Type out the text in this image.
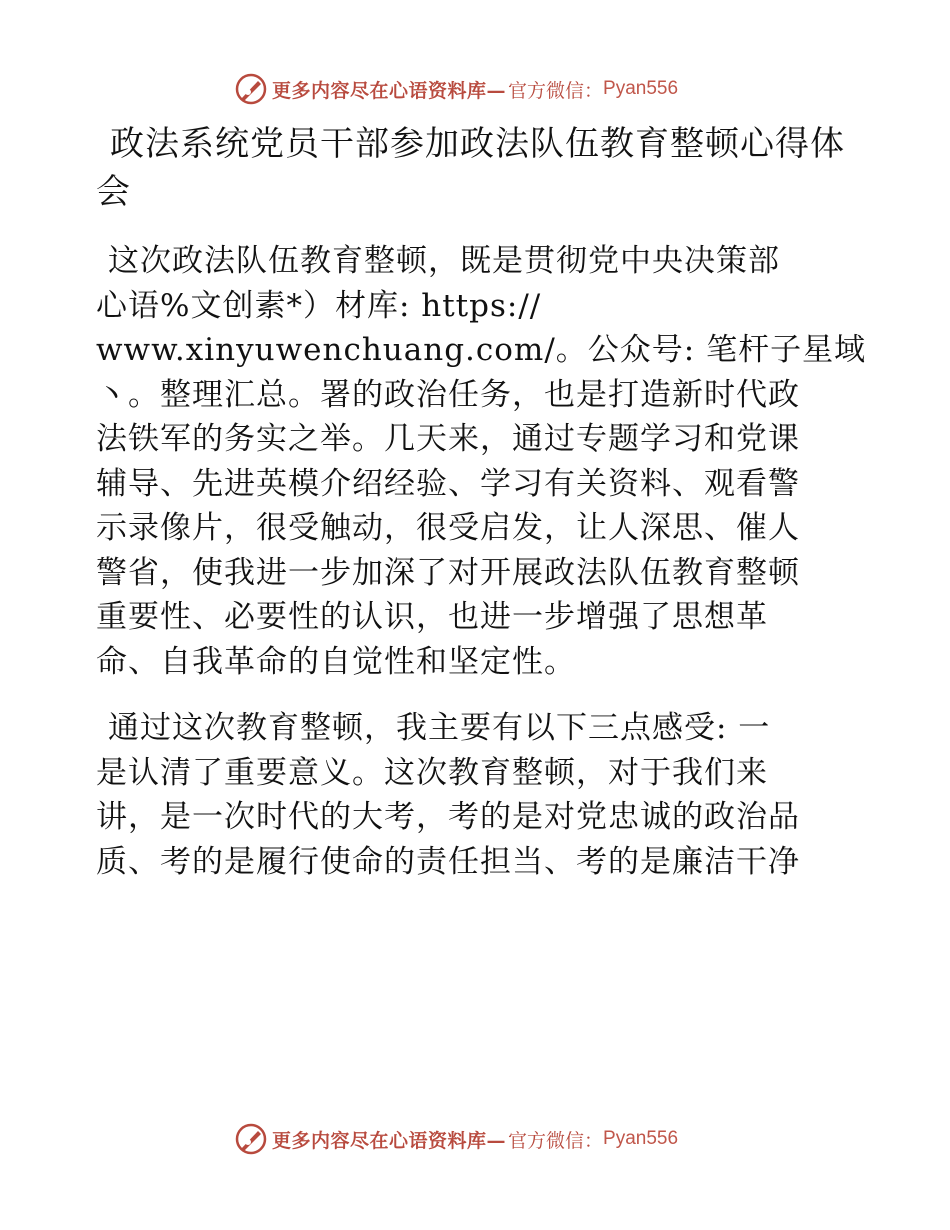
更多内容尽在心语资料库— 官方微信： Pyan556
政法系统党员干部参加政法队伍教育整顿心得体
会
这次政法队伍教育整顿，既是贯彻党中央决策部
心语%文创素*）材库: https://
www.xinyuwenchuang.com/。公众号: 笔杆子星域
丶。整理汇总。署的政治任务，也是打造新时代政
法铁军的务实之举。几天来，通过专题学习和党课
辅导、先进英模介绍经验、学习有关资料、观看警
示录像片，很受触动，很受启发，让人深思、催人
警省，使我进一步加深了对开展政法队伍教育整顿
重要性、必要性的认识，也进一步增强了思想革
命、自我革命的自觉性和坚定性。
通过这次教育整顿，我主要有以下三点感受: 一
是认清了重要意义。这次教育整顿，对于我们来
讲，是一次时代的大考，考的是对党忠诚的政治品
质、考的是履行使命的责任担当、考的是廉洁干净
更多内容尽在心语资料库— 官方微信： Pyan556
